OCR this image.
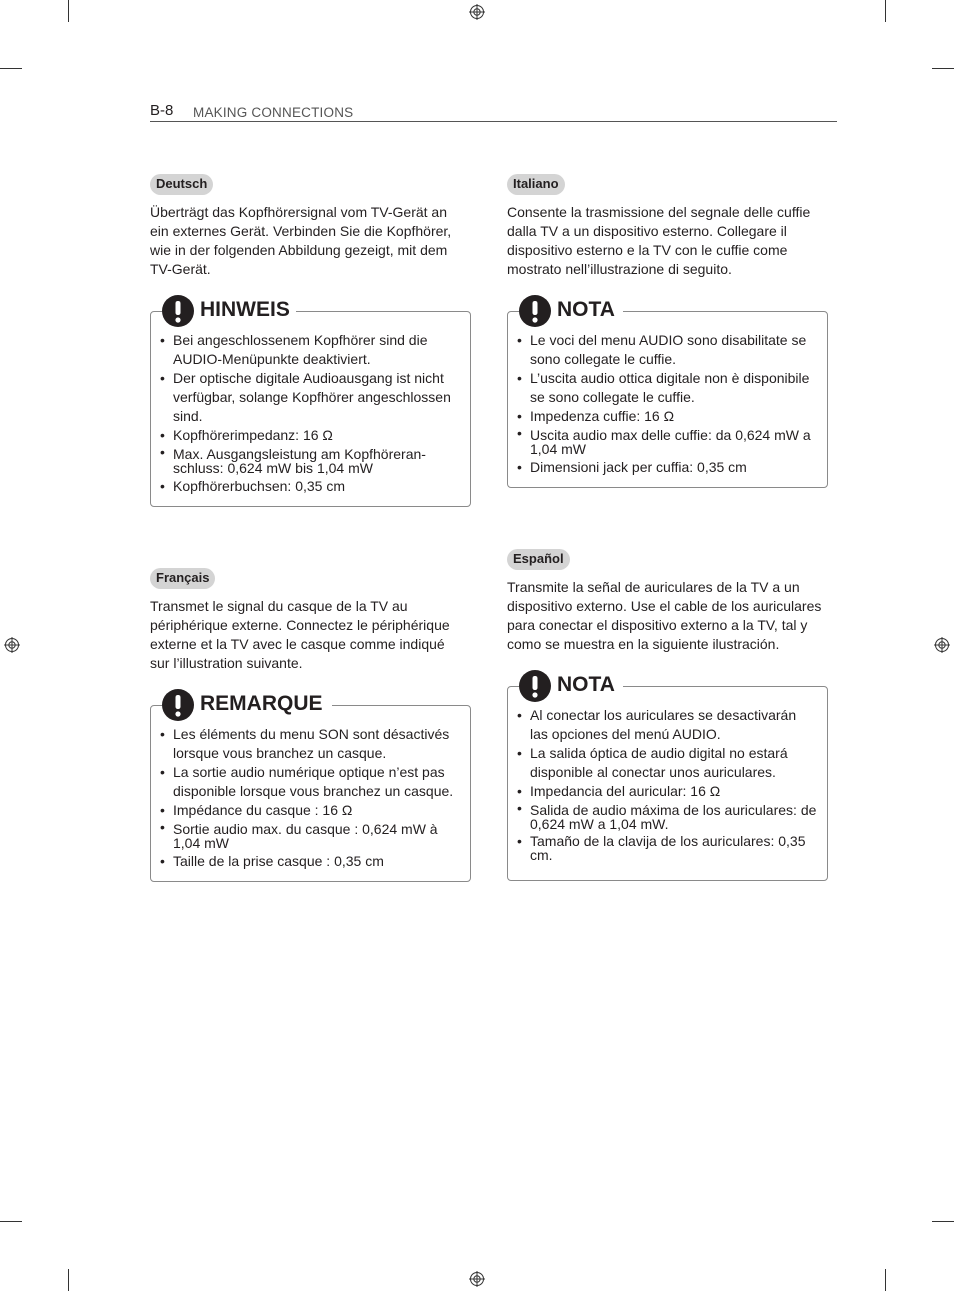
B-8 MAKING CONNECTIONS
Deutsch

Überträgt das Kopfhörersignal vom TV-Gerät an ein externes Gerät. Verbinden Sie die Kopfhörer, wie in der folgenden Abbildung gezeigt, mit dem TV-Gerät.

• Bei angeschlossenem Kopfhörer sind die AUDIO-Menüpunkte deaktiviert.
• Der optische digitale Audioausgang ist nicht verfügbar, solange Kopfhörer angeschlossen sind.
• Kopfhörerimpedanz: 16 Ω
• Max. Ausgangsleistung am Kopfhöreran-schluss: 0,624 mW bis 1,04 mW
• Kopfhörerbuchsen: 0,35 cm
HINWEIS
Italiano

Consente la trasmissione del segnale delle cuffie dalla TV a un dispositivo esterno. Collegare il dispositivo esterno e la TV con le cuffie come mostrato nell’illustrazione di seguito.

• Le voci del menu AUDIO sono disabilitate se sono collegate le cuffie.
• L’uscita audio ottica digitale non è disponibile se sono collegate le cuffie.
• Impedenza cuffie: 16 Ω
• Uscita audio max delle cuffie: da 0,624 mW a 1,04 mW
• Dimensioni jack per cuffia: 0,35 cm
NOTA
Français

Transmet le signal du casque de la TV au périphérique externe. Connectez le périphérique externe et la TV avec le casque comme indiqué sur l’illustration suivante.

• Les éléments du menu SON sont désactivés lorsque vous branchez un casque.
• La sortie audio numérique optique n’est pas disponible lorsque vous branchez un casque.
• Impédance du casque : 16 Ω
• Sortie audio max. du casque : 0,624 mW à 1,04 mW
• Taille de la prise casque : 0,35 cm
REMARQUE
Español

Transmite la señal de auriculares de la TV a un dispositivo externo. Use el cable de los auriculares para conectar el dispositivo externo a la TV, tal y como se muestra en la siguiente ilustración.

• Al conectar los auriculares se desactivarán las opciones del menú AUDIO.
• La salida óptica de audio digital no estará disponible al conectar unos auriculares.
• Impedancia del auricular: 16 Ω
• Salida de audio máxima de los auriculares: de 0,624 mW a 1,04 mW.
• Tamaño de la clavija de los auriculares: 0,35 cm.
NOTA
